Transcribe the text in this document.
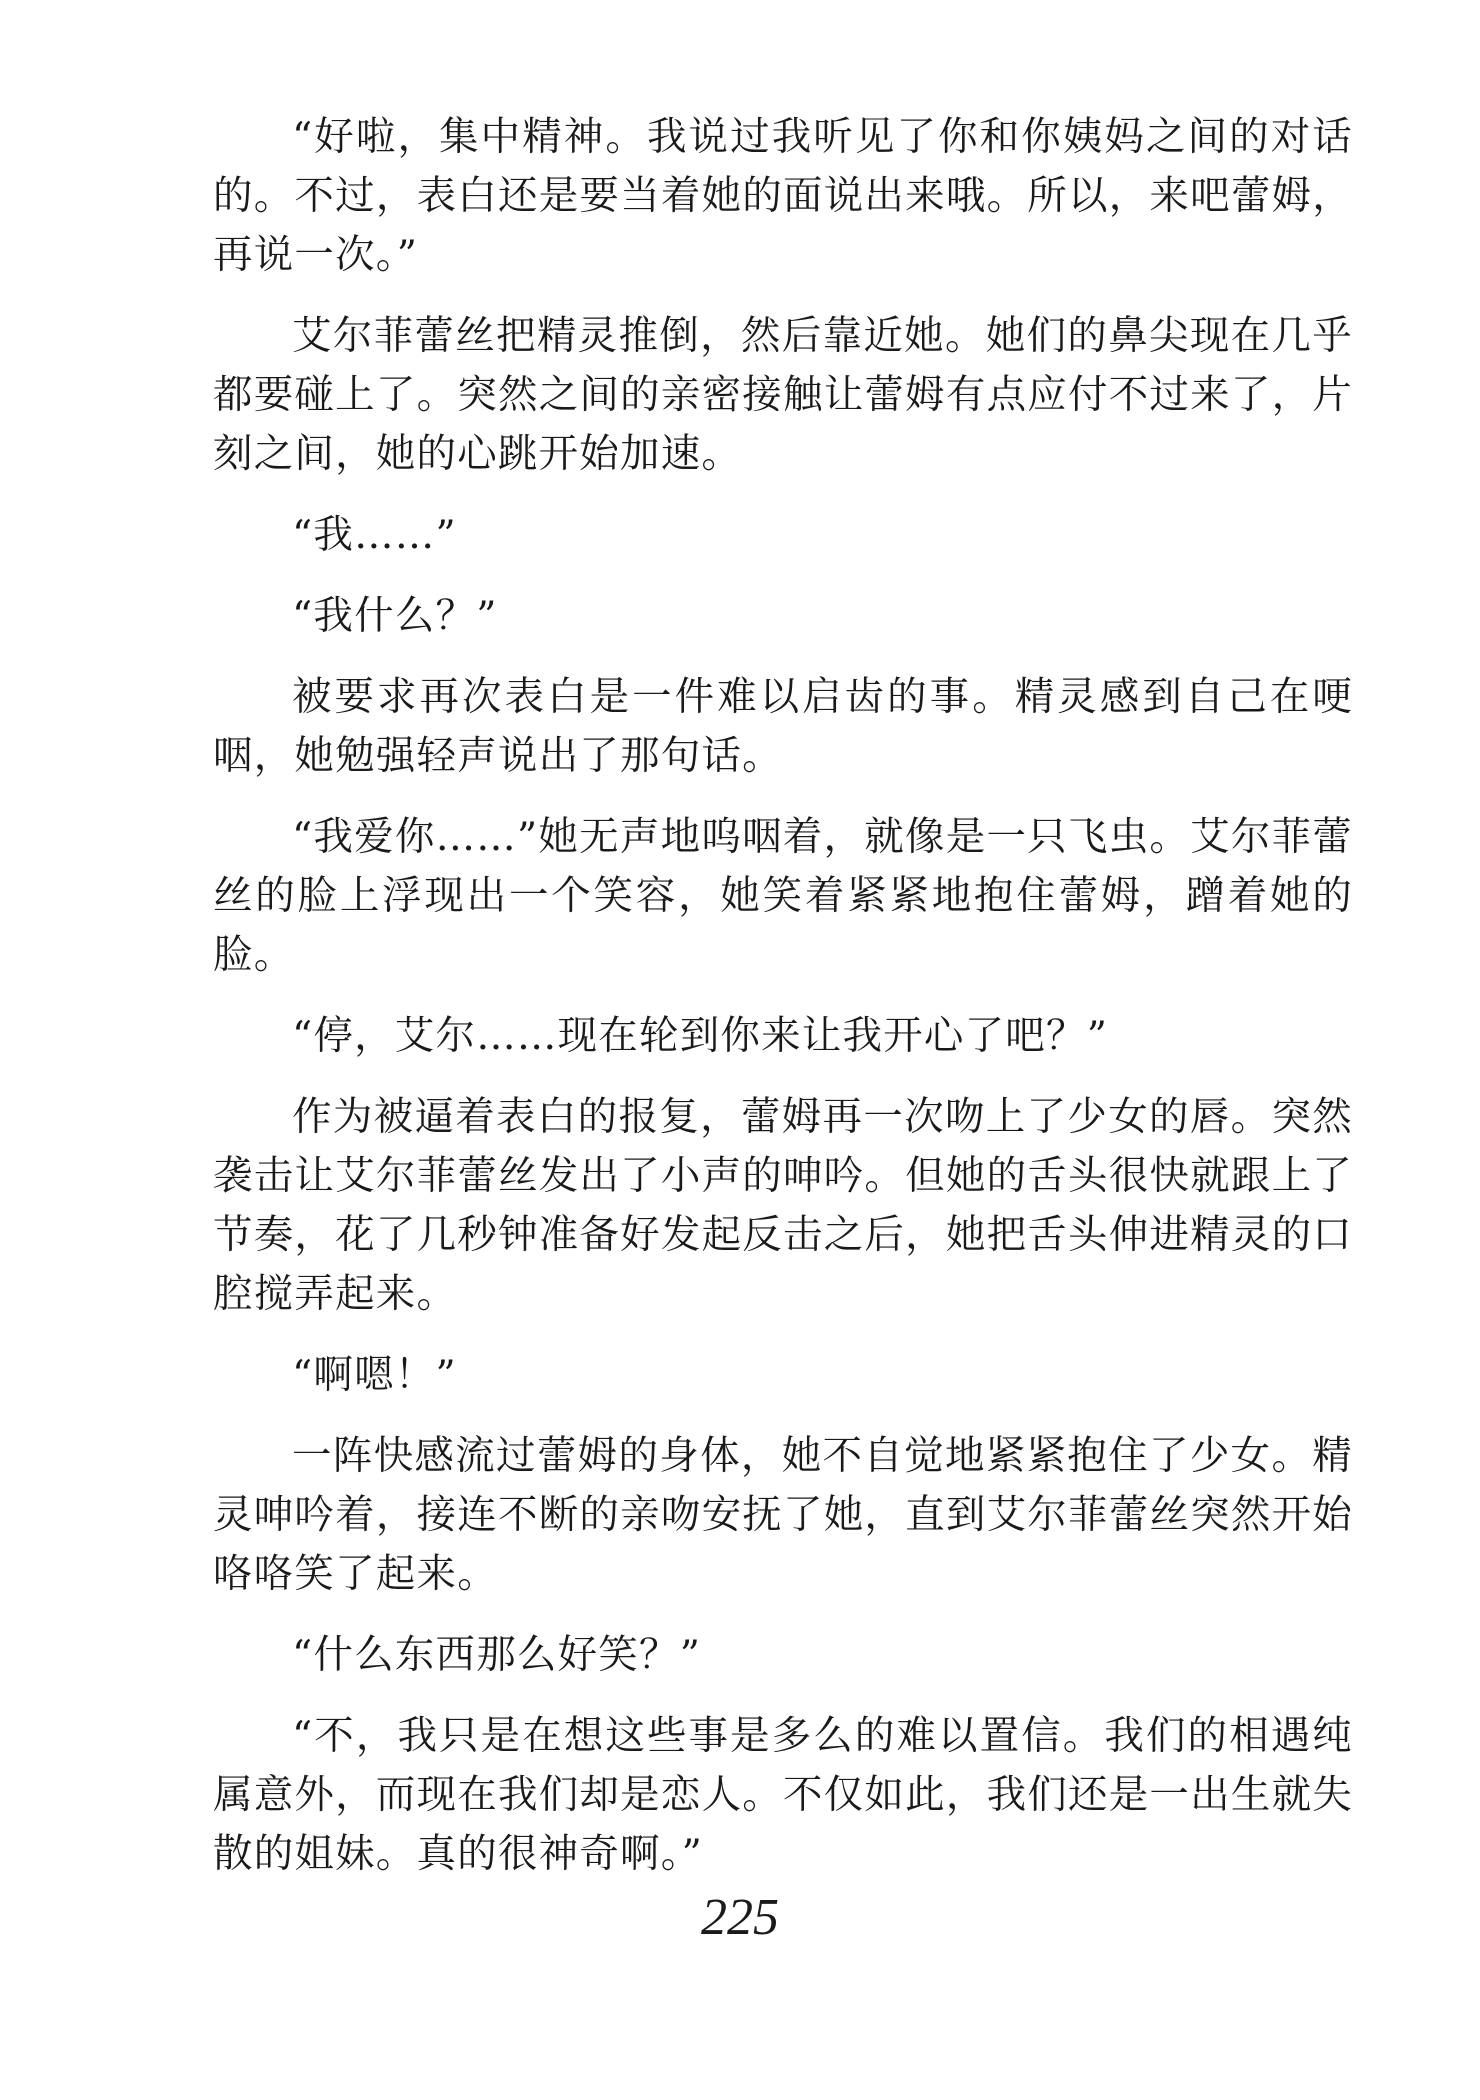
“好啦，集中精神。我说过我听见了你和你姨妈之间的对话的。不过，表白还是要当着她的面说出来哦。所以，来吧蕾姆，再说一次。”

艾尔菲蕾丝把精灵推倒，然后靠近她。她们的鼻尖现在几乎都要碰上了。突然之间的亲密接触让蕾姆有点应付不过来了，片刻之间，她的心跳开始加速。

“我……”

“我什么？”

被要求再次表白是一件难以启齿的事。精灵感到自己在哽咽，她勉强轻声说出了那句话。

“我爱你……”她无声地呜咽着，就像是一只飞虫。艾尔菲蕾丝的脸上浮现出一个笑容，她笑着紧紧地抱住蕾姆，蹭着她的脸。

“停，艾尔……现在轮到你来让我开心了吧？”

作为被逼着表白的报复，蕾姆再一次吻上了少女的唇。突然袭击让艾尔菲蕾丝发出了小声的呻吟。但她的舌头很快就跟上了节奏，花了几秒钟准备好发起反击之后，她把舌头伸进精灵的口腔搅弄起来。

“啊嗯！”

一阵快感流过蕾姆的身体，她不自觉地紧紧抱住了少女。精灵呻吟着，接连不断的亲吻安抚了她，直到艾尔菲蕾丝突然开始咯咯笑了起来。

“什么东西那么好笑？”

“不，我只是在想这些事是多么的难以置信。我们的相遇纯属意外，而现在我们却是恋人。不仅如此，我们还是一出生就失散的姐妹。真的很神奇啊。”

225
